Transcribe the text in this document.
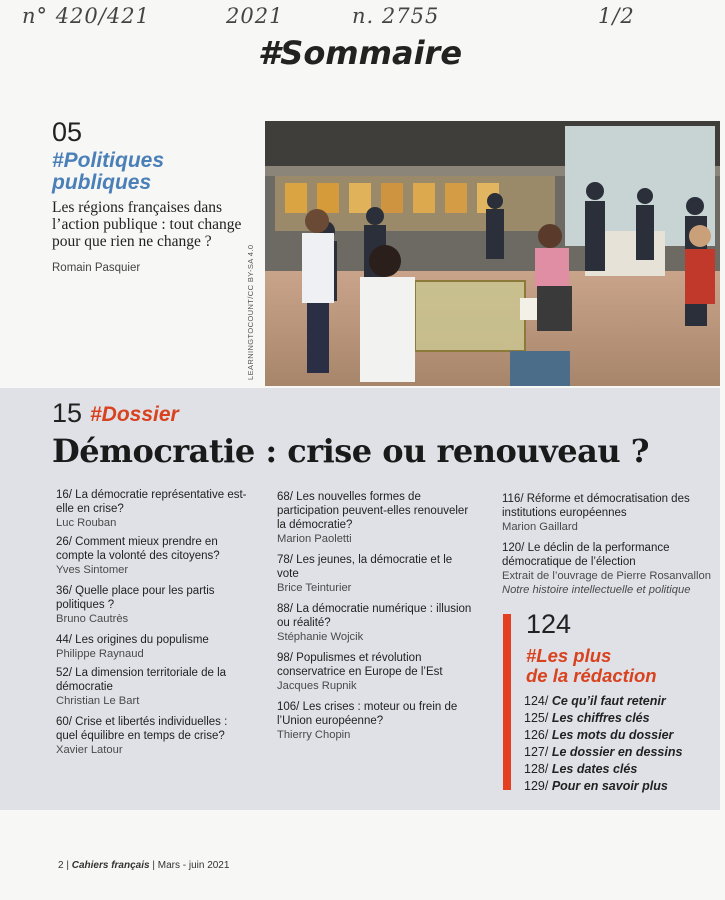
n° 420/421	2021	n. 2755	1/2
#Sommaire
05
#Politiques
publiques

Les régions françaises dans l’action publique : tout change pour que rien ne change ?

Romain Pasquier	LEARNINGTOCOUNT/CC BY-SA 4.0
15 #Dossier
Démocratie : crise ou renouveau ?
16/ La démocratie représentative est-elle en crise?
Luc Rouban
26/ Comment mieux prendre en compte la volonté des citoyens?
Yves Sintomer
36/ Quelle place pour les partis politiques ?
Bruno Cautrès
44/ Les origines du populisme
Philippe Raynaud
52/ La dimension territoriale de la démocratie
Christian Le Bart
60/ Crise et libertés individuelles : quel équilibre en temps de crise?
Xavier Latour
68/ Les nouvelles formes de participation peuvent-elles renouveler la démocratie?
Marion Paoletti
78/ Les jeunes, la démocratie et le vote
Brice Teinturier
88/ La démocratie numérique : illusion ou réalité?
Stéphanie Wojcik
98/ Populismes et révolution conservatrice en Europe de l’Est
Jacques Rupnik
106/ Les crises : moteur ou frein de l’Union européenne?
Thierry Chopin
116/ Réforme et démocratisation des institutions européennes
Marion Gaillard
120/ Le déclin de la performance démocratique de l’élection
Extrait de l’ouvrage de Pierre Rosanvallon
Notre histoire intellectuelle et politique
124
#Les plus
de la rédaction
124/ Ce qu’il faut retenir
125/ Les chiffres clés
126/ Les mots du dossier
127/ Le dossier en dessins
128/ Les dates clés
129/ Pour en savoir plus
2 | Cahiers français | Mars - juin 2021
